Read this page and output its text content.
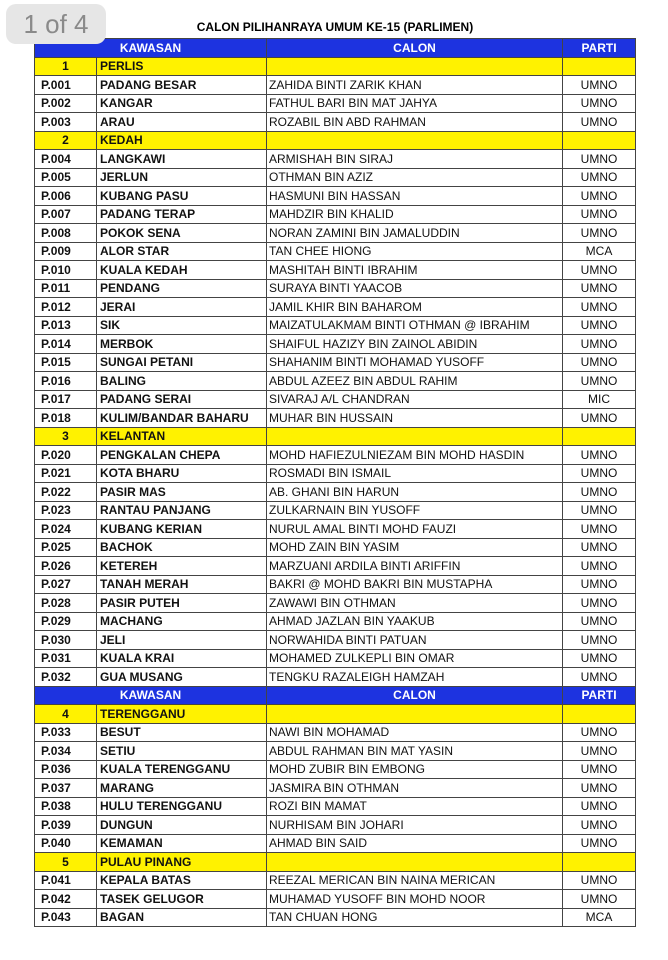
1 of 4	CALON PILIHANRAYA UMUM KE-15 (PARLIMEN)
KAWASAN		CALON	PARTI
1	PERLIS		
P.001	PADANG BESAR	ZAHIDA BINTI ZARIK KHAN	UMNO
P.002	KANGAR	FATHUL BARI BIN MAT JAHYA	UMNO
P.003	ARAU	ROZABIL BIN ABD RAHMAN	UMNO
2	KEDAH		
P.004	LANGKAWI	ARMISHAH BIN SIRAJ	UMNO
P.005	JERLUN	OTHMAN BIN AZIZ	UMNO
P.006	KUBANG PASU	HASMUNI BIN HASSAN	UMNO
P.007	PADANG TERAP	MAHDZIR BIN KHALID	UMNO
P.008	POKOK SENA	NORAN ZAMINI BIN JAMALUDDIN	UMNO
P.009	ALOR STAR	TAN CHEE HIONG	MCA
P.010	KUALA KEDAH	MASHITAH BINTI IBRAHIM	UMNO
P.011	PENDANG	SURAYA BINTI YAACOB	UMNO
P.012	JERAI	JAMIL KHIR BIN BAHAROM	UMNO
P.013	SIK	MAIZATULAKMAM BINTI OTHMAN @ IBRAHIM	UMNO
P.014	MERBOK	SHAIFUL HAZIZY BIN ZAINOL ABIDIN	UMNO
P.015	SUNGAI PETANI	SHAHANIM BINTI MOHAMAD YUSOFF	UMNO
P.016	BALING	ABDUL AZEEZ BIN ABDUL RAHIM	UMNO
P.017	PADANG SERAI	SIVARAJ A/L CHANDRAN	MIC
P.018	KULIM/BANDAR BAHARU	MUHAR BIN HUSSAIN	UMNO
3	KELANTAN		
P.020	PENGKALAN CHEPA	MOHD HAFIEZULNIEZAM BIN MOHD HASDIN	UMNO
P.021	KOTA BHARU	ROSMADI BIN ISMAIL	UMNO
P.022	PASIR MAS	AB. GHANI BIN HARUN	UMNO
P.023	RANTAU PANJANG	ZULKARNAIN BIN YUSOFF	UMNO
P.024	KUBANG KERIAN	NURUL AMAL BINTI MOHD FAUZI	UMNO
P.025	BACHOK	MOHD ZAIN BIN YASIM	UMNO
P.026	KETEREH	MARZUANI ARDILA BINTI ARIFFIN	UMNO
P.027	TANAH MERAH	BAKRI @ MOHD BAKRI BIN MUSTAPHA	UMNO
P.028	PASIR PUTEH	ZAWAWI BIN OTHMAN	UMNO
P.029	MACHANG	AHMAD JAZLAN BIN YAAKUB	UMNO
P.030	JELI	NORWAHIDA BINTI PATUAN	UMNO
P.031	KUALA KRAI	MOHAMED ZULKEPLI BIN OMAR	UMNO
P.032	GUA MUSANG	TENGKU RAZALEIGH HAMZAH	UMNO
KAWASAN		CALON	PARTI
4	TERENGGANU		
P.033	BESUT	NAWI BIN MOHAMAD	UMNO
P.034	SETIU	ABDUL RAHMAN BIN MAT YASIN	UMNO
P.036	KUALA TERENGGANU	MOHD ZUBIR BIN EMBONG	UMNO
P.037	MARANG	JASMIRA BIN OTHMAN	UMNO
P.038	HULU TERENGGANU	ROZI BIN MAMAT	UMNO
P.039	DUNGUN	NURHISAM BIN JOHARI	UMNO
P.040	KEMAMAN	AHMAD BIN SAID	UMNO
5	PULAU PINANG		
P.041	KEPALA BATAS	REEZAL MERICAN BIN NAINA MERICAN	UMNO
P.042	TASEK GELUGOR	MUHAMAD YUSOFF BIN MOHD NOOR	UMNO
P.043	BAGAN	TAN CHUAN HONG	MCA
